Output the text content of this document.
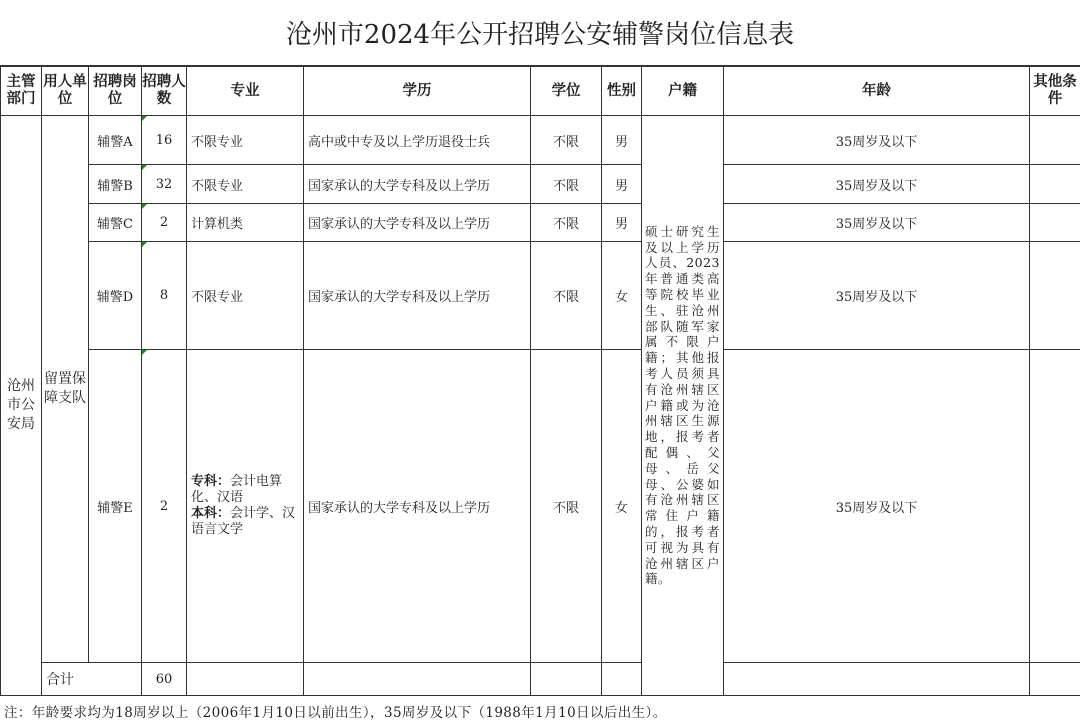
沧州市2024年公开招聘公安辅警岗位信息表
主管部门	用人单位	招聘岗位	招聘人数	专业	学历	学位	性别	户籍	年龄	其他条件
沧州市公安局	留置保障支队	辅警A	16	不限专业	高中或中专及以上学历退役士兵	不限	男	硕士研究生及以上学历人员、2023年普通类高等院校毕业生、驻沧州部队随军家属不限户籍；其他报考人员须具有沧州辖区户籍或为沧州辖区生源地，报考者配偶、父母、岳父母、公婆如有沧州辖区常住户籍的，报考者可视为具有沧州辖区户籍。	35周岁及以下	
		辅警B	32	不限专业	国家承认的大学专科及以上学历	不限	男		35周岁及以下	
		辅警C	2	计算机类	国家承认的大学专科及以上学历	不限	男		35周岁及以下	
		辅警D	8	不限专业	国家承认的大学专科及以上学历	不限	女		35周岁及以下	
		辅警E	2	专科：会计电算化、汉语
本科：会计学、汉语言文学	国家承认的大学专科及以上学历	不限	女		35周岁及以下	
	合计		60							
注：年龄要求均为18周岁以上（2006年1月10日以前出生），35周岁及以下（1988年1月10日以后出生）。
